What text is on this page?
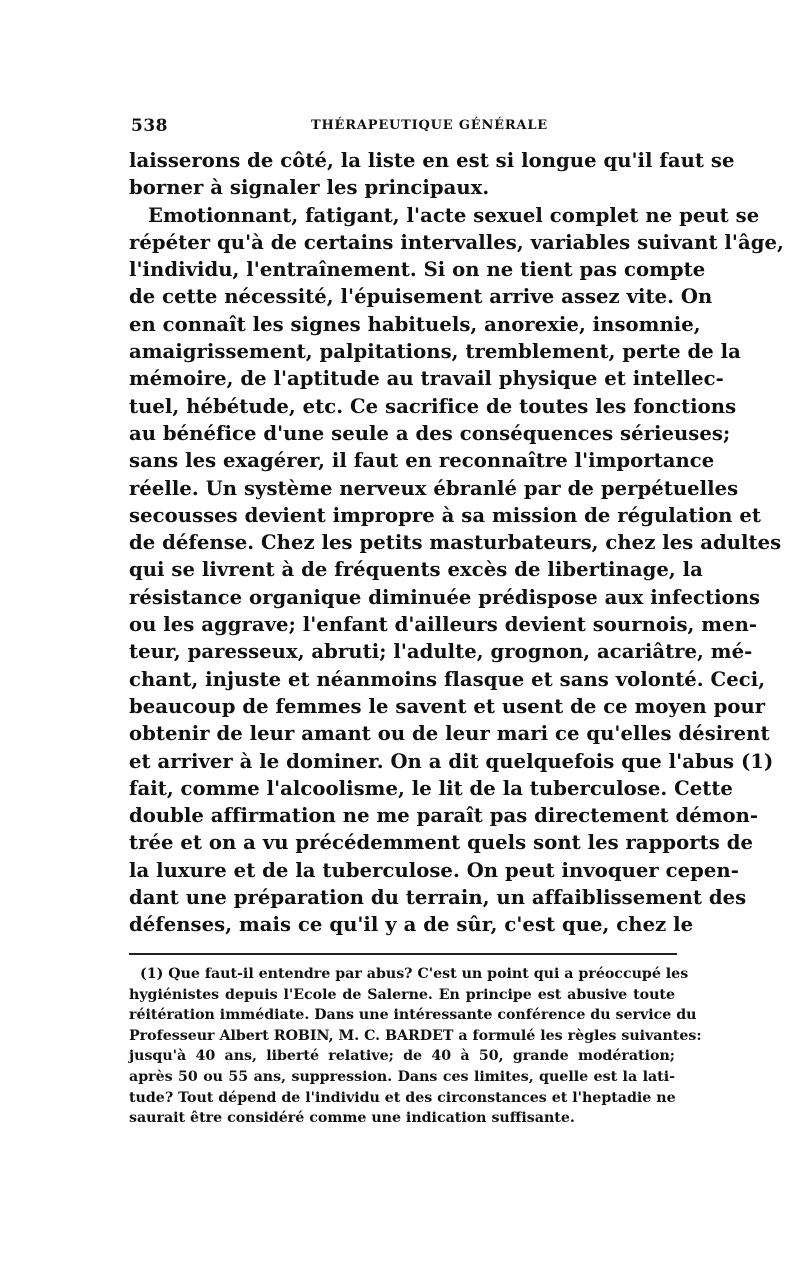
538	THÉRAPEUTIQUE GÉNÉRALE
laisserons de côté, la liste en est si longue qu'il faut se
borner à signaler les principaux.
Emotionnant, fatigant, l'acte sexuel complet ne peut se
répéter qu'à de certains intervalles, variables suivant l'âge,
l'individu, l'entraînement. Si on ne tient pas compte
de cette nécessité, l'épuisement arrive assez vite. On
en connaît les signes habituels, anorexie, insomnie,
amaigrissement, palpitations, tremblement, perte de la
mémoire, de l'aptitude au travail physique et intellec-
tuel, hébétude, etc. Ce sacrifice de toutes les fonctions
au bénéfice d'une seule a des conséquences sérieuses;
sans les exagérer, il faut en reconnaître l'importance
réelle. Un système nerveux ébranlé par de perpétuelles
secousses devient impropre à sa mission de régulation et
de défense. Chez les petits masturbateurs, chez les adultes
qui se livrent à de fréquents excès de libertinage, la
résistance organique diminuée prédispose aux infections
ou les aggrave; l'enfant d'ailleurs devient sournois, men-
teur, paresseux, abruti; l'adulte, grognon, acariâtre, mé-
chant, injuste et néanmoins flasque et sans volonté. Ceci,
beaucoup de femmes le savent et usent de ce moyen pour
obtenir de leur amant ou de leur mari ce qu'elles désirent
et arriver à le dominer. On a dit quelquefois que l'abus (1)
fait, comme l'alcoolisme, le lit de la tuberculose. Cette
double affirmation ne me paraît pas directement démon-
trée et on a vu précédemment quels sont les rapports de
la luxure et de la tuberculose. On peut invoquer cepen-
dant une préparation du terrain, un affaiblissement des
défenses, mais ce qu'il y a de sûr, c'est que, chez le
(1) Que faut-il entendre par abus? C'est un point qui a préoccupé les
hygiénistes depuis l'Ecole de Salerne. En principe est abusive toute
réitération immédiate. Dans une intéressante conférence du service du
Professeur Albert ROBIN, M. C. BARDET a formulé les règles suivantes:
jusqu'à 40 ans, liberté relative; de 40 à 50, grande modération;
après 50 ou 55 ans, suppression. Dans ces limites, quelle est la lati-
tude? Tout dépend de l'individu et des circonstances et l'heptadie ne
saurait être considéré comme une indication suffisante.
